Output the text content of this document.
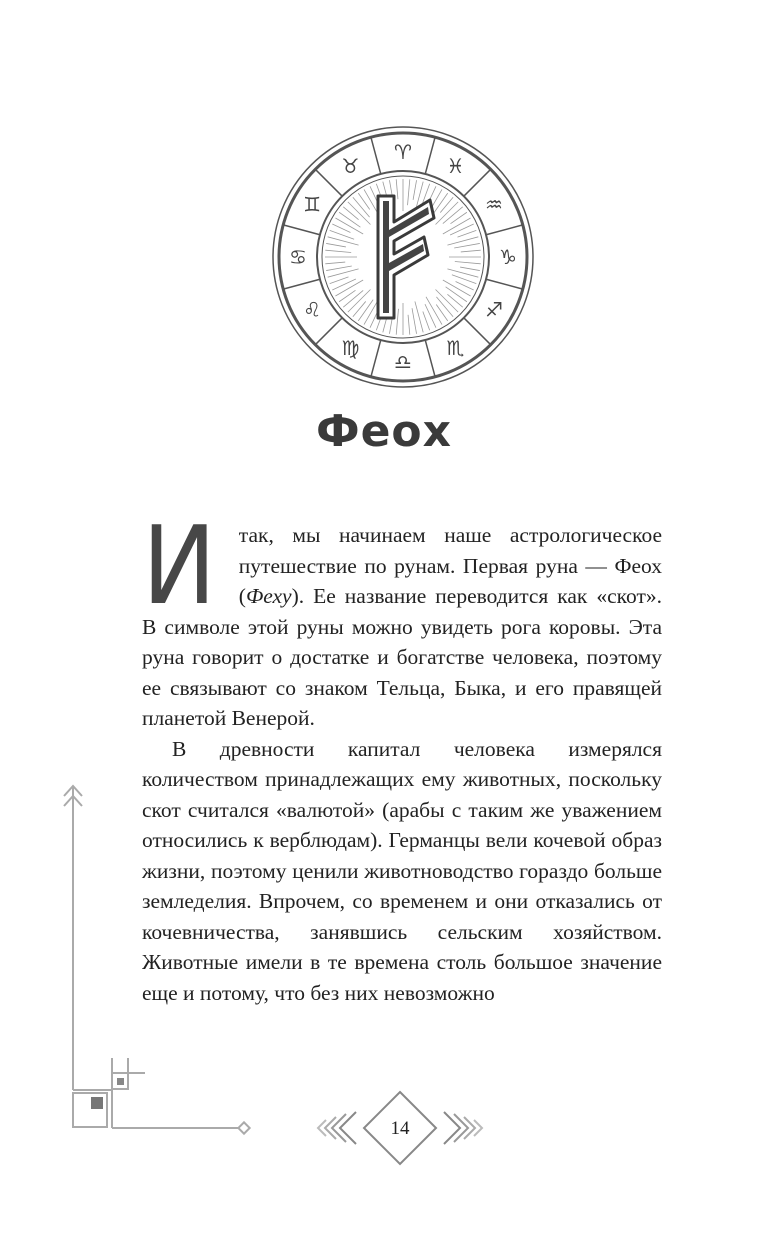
♈
♓
♒
♑
♐
♏
♎
♍
♌
♋
♊
♉
Феох

И так, мы начинаем наше астрологическое путешествие по рунам. Первая руна — Феох (Феху). Ее название переводится как «скот». В символе этой руны можно увидеть рога коровы. Эта руна говорит о достатке и богатстве человека, поэтому ее связывают со знаком Тельца, Быка, и его правящей планетой Венерой.

В древности капитал человека измерялся количеством принадлежащих ему животных, поскольку скот считался «валютой» (арабы с таким же уважением относились к верблюдам). Германцы вели кочевой образ жизни, поэтому ценили животноводство гораздо больше земледелия. Впрочем, со временем и они отказались от кочевничества, занявшись сельским хозяйством. Животные имели в те времена столь большое значение еще и потому, что без них невозможно

14
